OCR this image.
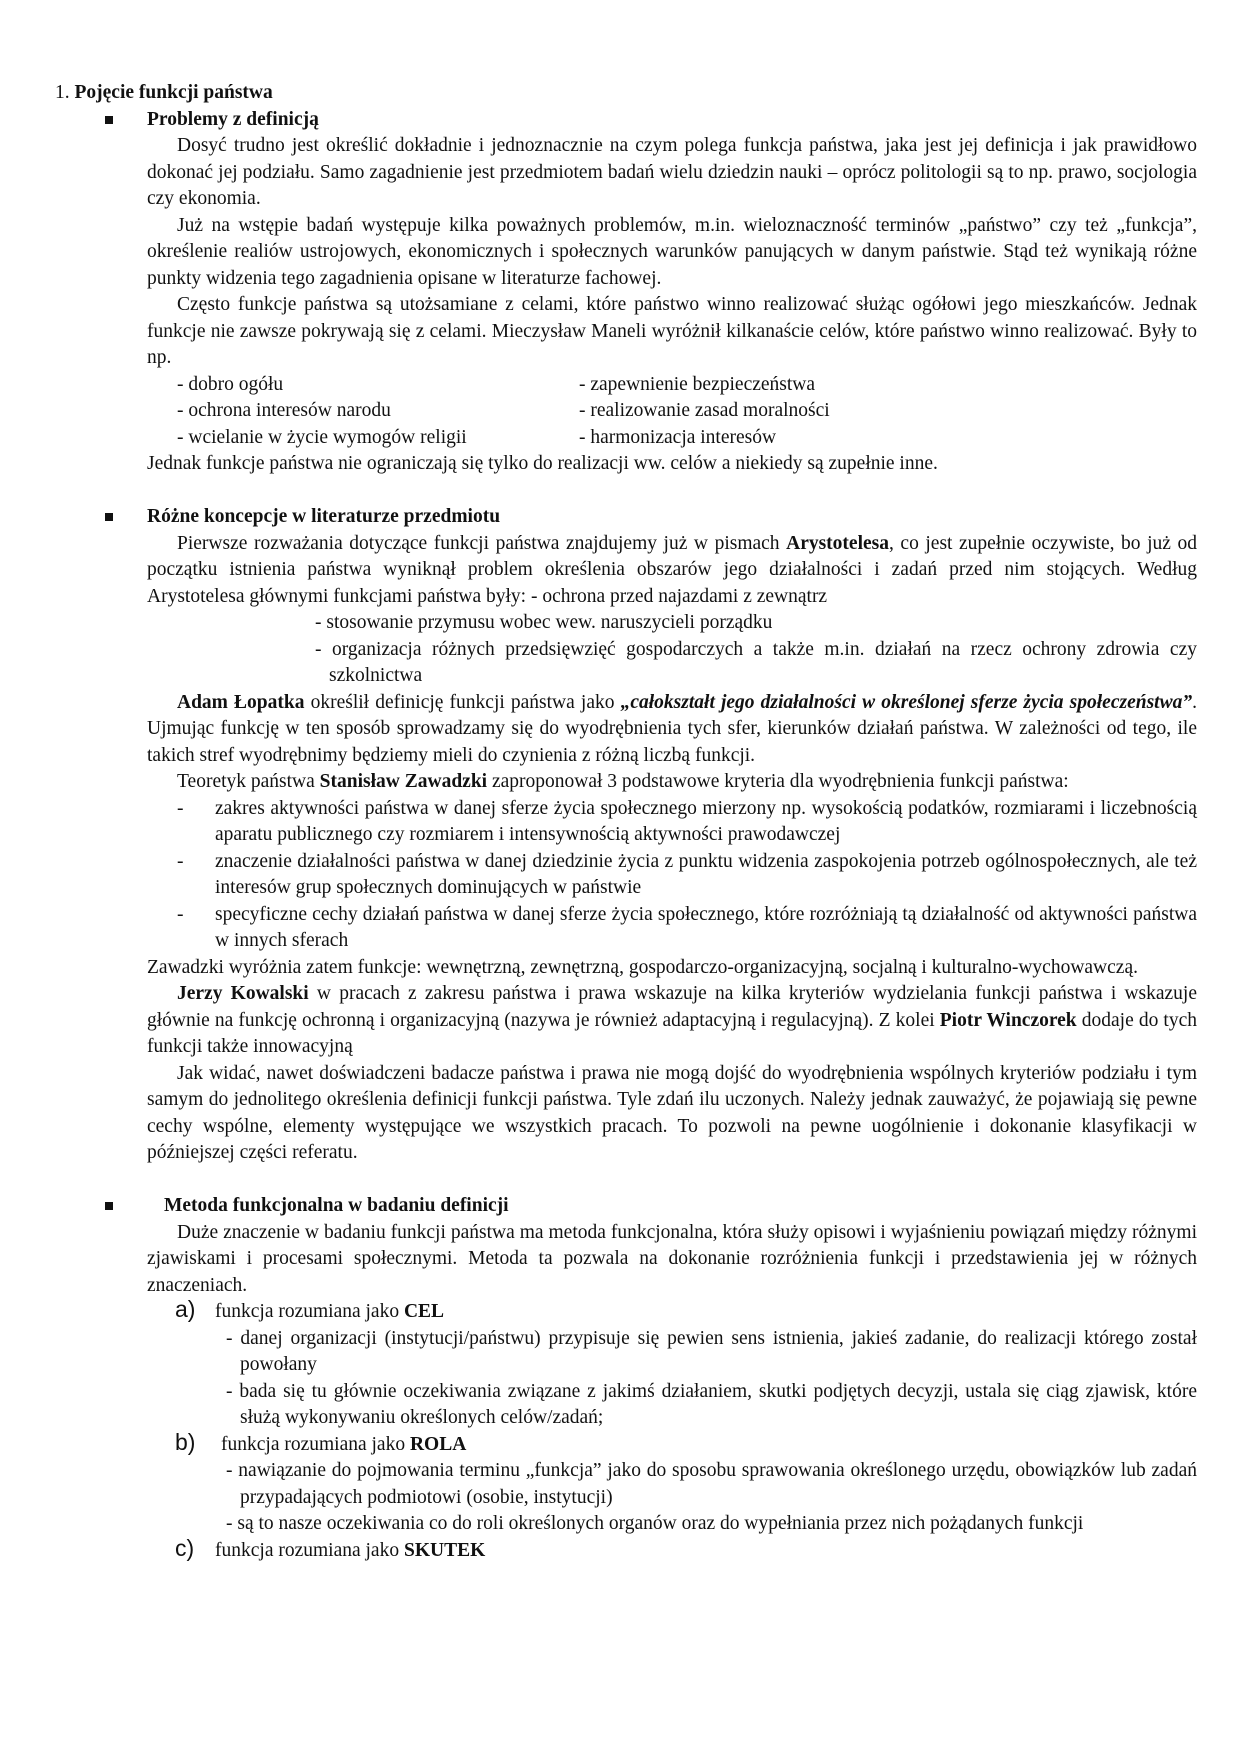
1. Pojęcie funkcji państwa

Problemy z definicją

Dosyć trudno jest określić dokładnie i jednoznacznie na czym polega funkcja państwa, jaka jest jej definicja i jak prawidłowo dokonać jej podziału. Samo zagadnienie jest przedmiotem badań wielu dziedzin nauki – oprócz politologii są to np. prawo, socjologia czy ekonomia.

Już na wstępie badań występuje kilka poważnych problemów, m.in. wieloznaczność terminów „państwo” czy też „funkcja”, określenie realiów ustrojowych, ekonomicznych i społecznych warunków panujących w danym państwie. Stąd też wynikają różne punkty widzenia tego zagadnienia opisane w literaturze fachowej.

Często funkcje państwa są utożsamiane z celami, które państwo winno realizować służąc ogółowi jego mieszkańców. Jednak funkcje nie zawsze pokrywają się z celami. Mieczysław Maneli wyróżnił kilkanaście celów, które państwo winno realizować. Były to np.

- dobro ogółu	- zapewnienie bezpieczeństwa
- ochrona interesów narodu	- realizowanie zasad moralności
- wcielanie w życie wymogów religii	- harmonizacja interesów

Jednak funkcje państwa nie ograniczają się tylko do realizacji ww. celów a niekiedy są zupełnie inne.

Różne koncepcje w literaturze przedmiotu

Pierwsze rozważania dotyczące funkcji państwa znajdujemy już w pismach Arystotelesa, co jest zupełnie oczywiste, bo już od początku istnienia państwa wyniknął problem określenia obszarów jego działalności i zadań przed nim stojących. Według Arystotelesa głównymi funkcjami państwa były: - ochrona przed najazdami z zewnątrz

- stosowanie przymusu wobec wew. naruszycieli porządku
- organizacja różnych przedsięwzięć gospodarczych a także m.in. działań na rzecz ochrony zdrowia czy szkolnictwa

Adam Łopatka określił definicję funkcji państwa jako „całokształt jego działalności w określonej sferze życia społeczeństwa”. Ujmując funkcję w ten sposób sprowadzamy się do wyodrębnienia tych sfer, kierunków działań państwa. W zależności od tego, ile takich stref wyodrębnimy będziemy mieli do czynienia z różną liczbą funkcji.

Teoretyk państwa Stanisław Zawadzki zaproponował 3 podstawowe kryteria dla wyodrębnienia funkcji państwa:

- zakres aktywności państwa w danej sferze życia społecznego mierzony np. wysokością podatków, rozmiarami i liczebnością aparatu publicznego czy rozmiarem i intensywnością aktywności prawodawczej
- znaczenie działalności państwa w danej dziedzinie życia z punktu widzenia zaspokojenia potrzeb ogólnospołecznych, ale też interesów grup społecznych dominujących w państwie
- specyficzne cechy działań państwa w danej sferze życia społecznego, które rozróżniają tą działalność od aktywności państwa w innych sferach

Zawadzki wyróżnia zatem funkcje: wewnętrzną, zewnętrzną, gospodarczo-organizacyjną, socjalną i kulturalno-wychowawczą.

Jerzy Kowalski w pracach z zakresu państwa i prawa wskazuje na kilka kryteriów wydzielania funkcji państwa i wskazuje głównie na funkcję ochronną i organizacyjną (nazywa je również adaptacyjną i regulacyjną). Z kolei Piotr Winczorek dodaje do tych funkcji także innowacyjną

Jak widać, nawet doświadczeni badacze państwa i prawa nie mogą dojść do wyodrębnienia wspólnych kryteriów podziału i tym samym do jednolitego określenia definicji funkcji państwa. Tyle zdań ilu uczonych. Należy jednak zauważyć, że pojawiają się pewne cechy wspólne, elementy występujące we wszystkich pracach. To pozwoli na pewne uogólnienie i dokonanie klasyfikacji w późniejszej części referatu.

Metoda funkcjonalna w badaniu definicji

Duże znaczenie w badaniu funkcji państwa ma metoda funkcjonalna, która służy opisowi i wyjaśnieniu powiązań między różnymi zjawiskami i procesami społecznymi. Metoda ta pozwala na dokonanie rozróżnienia funkcji i przedstawienia jej w różnych znaczeniach.

a) funkcja rozumiana jako CEL

- danej organizacji (instytucji/państwu) przypisuje się pewien sens istnienia, jakieś zadanie, do realizacji którego został powołany
- bada się tu głównie oczekiwania związane z jakimś działaniem, skutki podjętych decyzji, ustala się ciąg zjawisk, które służą wykonywaniu określonych celów/zadań;

b) funkcja rozumiana jako ROLA

- nawiązanie do pojmowania terminu „funkcja” jako do sposobu sprawowania określonego urzędu, obowiązków lub zadań przypadających podmiotowi (osobie, instytucji)
- są to nasze oczekiwania co do roli określonych organów oraz do wypełniania przez nich pożądanych funkcji

c) funkcja rozumiana jako SKUTEK
